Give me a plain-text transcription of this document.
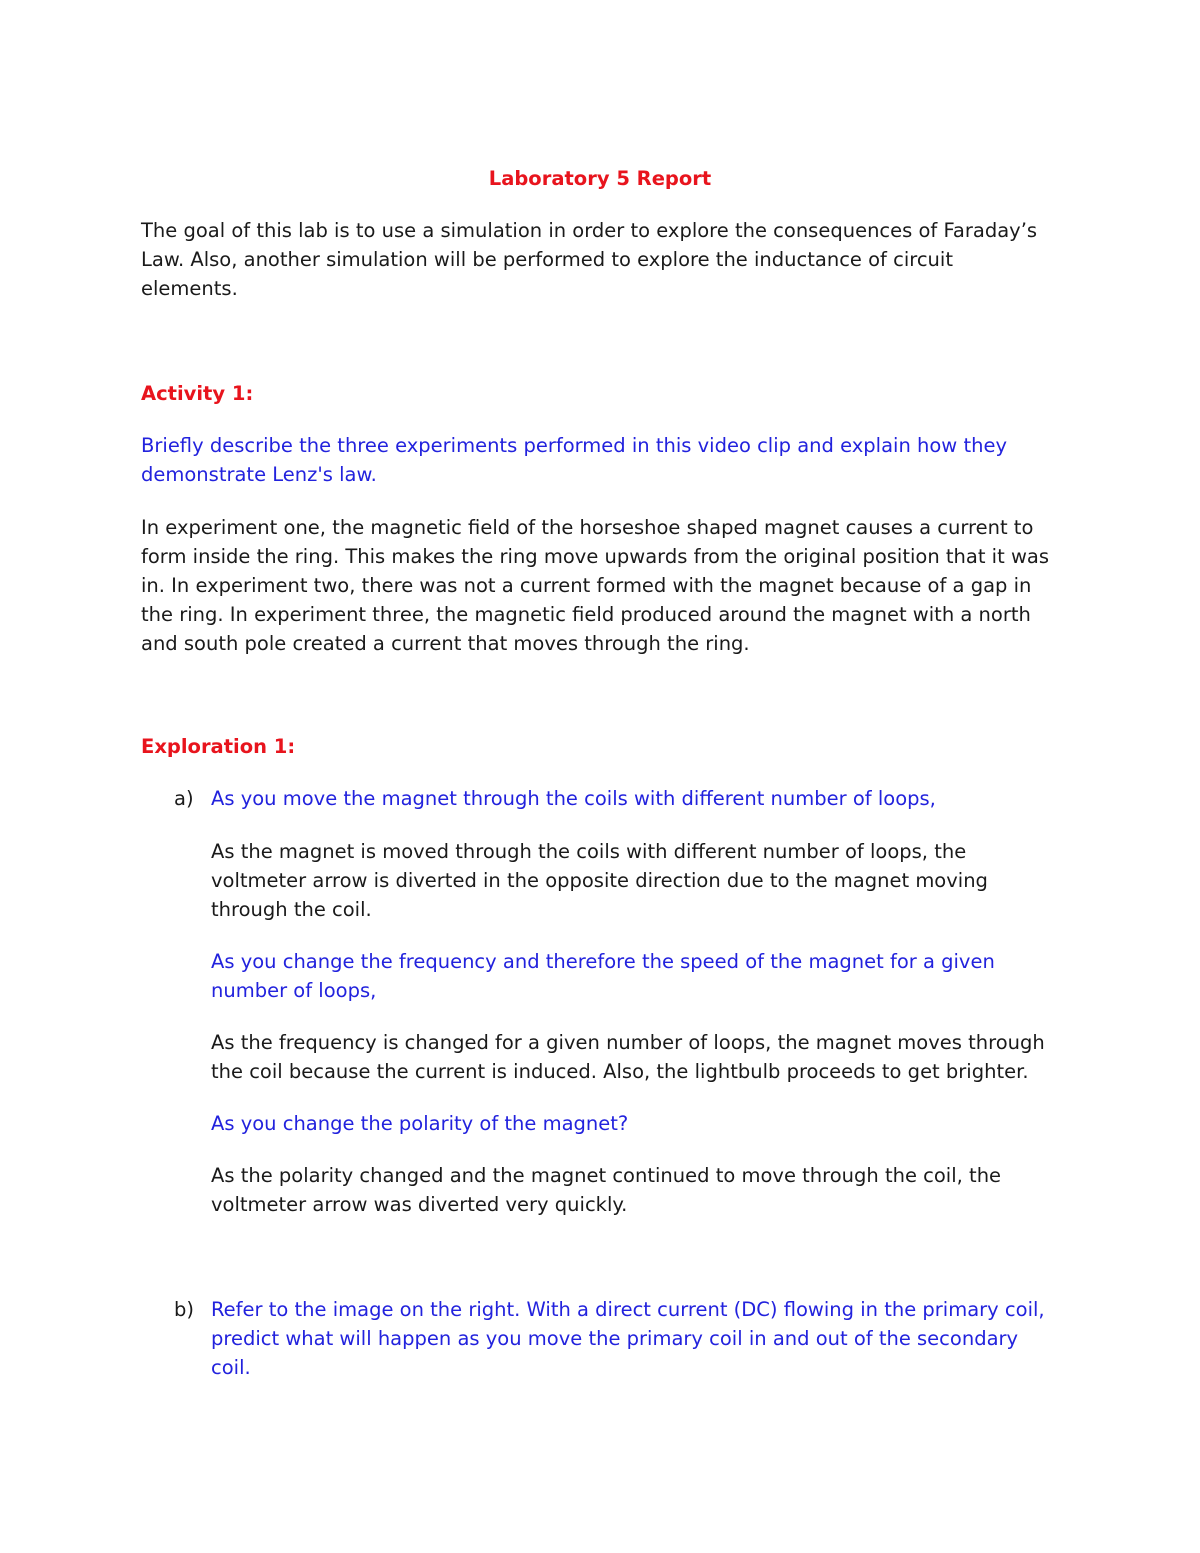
Laboratory 5 Report

The goal of this lab is to use a simulation in order to explore the consequences of Faraday’s
Law. Also, another simulation will be performed to explore the inductance of circuit
elements.

Activity 1:

Briefly describe the three experiments performed in this video clip and explain how they
demonstrate Lenz's law.

In experiment one, the magnetic field of the horseshoe shaped magnet causes a current to
form inside the ring. This makes the ring move upwards from the original position that it was
in. In experiment two, there was not a current formed with the magnet because of a gap in
the ring. In experiment three, the magnetic field produced around the magnet with a north
and south pole created a current that moves through the ring.

Exploration 1:

a) As you move the magnet through the coils with different number of loops,

As the magnet is moved through the coils with different number of loops, the
voltmeter arrow is diverted in the opposite direction due to the magnet moving
through the coil.

As you change the frequency and therefore the speed of the magnet for a given
number of loops,

As the frequency is changed for a given number of loops, the magnet moves through
the coil because the current is induced. Also, the lightbulb proceeds to get brighter.

As you change the polarity of the magnet?

As the polarity changed and the magnet continued to move through the coil, the
voltmeter arrow was diverted very quickly.

b) Refer to the image on the right. With a direct current (DC) flowing in the primary coil,
predict what will happen as you move the primary coil in and out of the secondary
coil.
